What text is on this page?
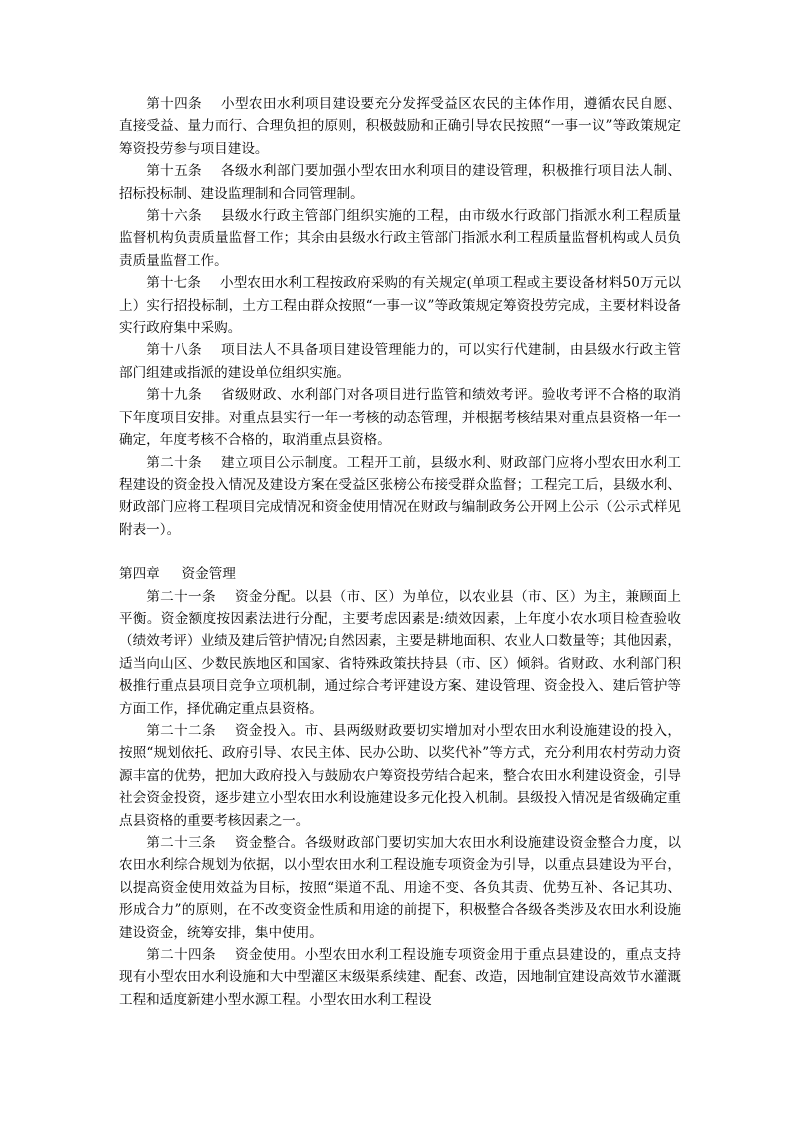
第十四条 小型农田水利项目建设要充分发挥受益区农民的主体作用，遵循农民自愿、直接受益、量力而行、合理负担的原则，积极鼓励和正确引导农民按照“一事一议”等政策规定筹资投劳参与项目建设。

第十五条 各级水利部门要加强小型农田水利项目的建设管理，积极推行项目法人制、招标投标制、建设监理制和合同管理制。

第十六条 县级水行政主管部门组织实施的工程，由市级水行政部门指派水利工程质量监督机构负责质量监督工作；其余由县级水行政主管部门指派水利工程质量监督机构或人员负责质量监督工作。

第十七条 小型农田水利工程按政府采购的有关规定(单项工程或主要设备材料50万元以上）实行招投标制，土方工程由群众按照“一事一议”等政策规定筹资投劳完成，主要材料设备实行政府集中采购。

第十八条 项目法人不具备项目建设管理能力的，可以实行代建制，由县级水行政主管部门组建或指派的建设单位组织实施。

第十九条 省级财政、水利部门对各项目进行监管和绩效考评。验收考评不合格的取消下年度项目安排。对重点县实行一年一考核的动态管理，并根据考核结果对重点县资格一年一确定，年度考核不合格的，取消重点县资格。

第二十条 建立项目公示制度。工程开工前，县级水利、财政部门应将小型农田水利工程建设的资金投入情况及建设方案在受益区张榜公布接受群众监督；工程完工后，县级水利、财政部门应将工程项目完成情况和资金使用情况在财政与编制政务公开网上公示（公示式样见附表一）。

第四章 资金管理

第二十一条 资金分配。以县（市、区）为单位，以农业县（市、区）为主，兼顾面上平衡。资金额度按因素法进行分配，主要考虑因素是:绩效因素，上年度小农水项目检查验收（绩效考评）业绩及建后管护情况;自然因素，主要是耕地面积、农业人口数量等；其他因素，适当向山区、少数民族地区和国家、省特殊政策扶持县（市、区）倾斜。省财政、水利部门积极推行重点县项目竞争立项机制，通过综合考评建设方案、建设管理、资金投入、建后管护等方面工作，择优确定重点县资格。

第二十二条 资金投入。市、县两级财政要切实增加对小型农田水利设施建设的投入，按照“规划依托、政府引导、农民主体、民办公助、以奖代补”等方式，充分利用农村劳动力资源丰富的优势，把加大政府投入与鼓励农户筹资投劳结合起来，整合农田水利建设资金，引导社会资金投资，逐步建立小型农田水利设施建设多元化投入机制。县级投入情况是省级确定重点县资格的重要考核因素之一。

第二十三条 资金整合。各级财政部门要切实加大农田水利设施建设资金整合力度，以农田水利综合规划为依据，以小型农田水利工程设施专项资金为引导，以重点县建设为平台，以提高资金使用效益为目标，按照“渠道不乱、用途不变、各负其责、优势互补、各记其功、形成合力”的原则，在不改变资金性质和用途的前提下，积极整合各级各类涉及农田水利设施建设资金，统筹安排，集中使用。

第二十四条 资金使用。小型农田水利工程设施专项资金用于重点县建设的，重点支持现有小型农田水利设施和大中型灌区末级渠系续建、配套、改造，因地制宜建设高效节水灌溉工程和适度新建小型水源工程。小型农田水利工程设
